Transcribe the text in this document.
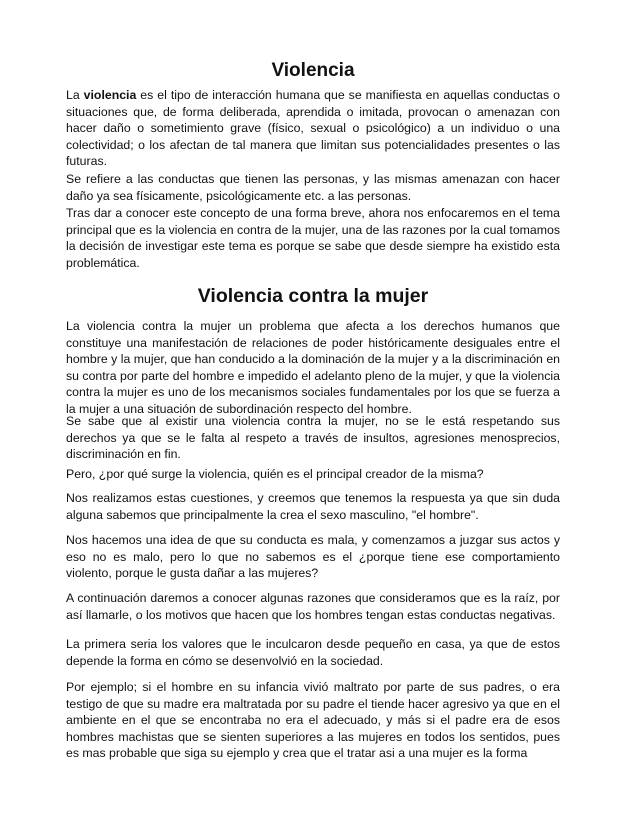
Violencia

La violencia es el tipo de interacción humana que se manifiesta en aquellas conductas o situaciones que, de forma deliberada, aprendida o imitada, provocan o amenazan con hacer daño o sometimiento grave (físico, sexual o psicológico) a un individuo o una colectividad; o los afectan de tal manera que limitan sus potencialidades presentes o las futuras.

Se refiere a las conductas que tienen las personas, y las mismas amenazan con hacer daño ya sea físicamente, psicológicamente etc. a las personas.

Tras dar a conocer este concepto de una forma breve, ahora nos enfocaremos en el tema principal que es la violencia en contra de la mujer, una de las razones por la cual tomamos la decisión de investigar este tema es porque se sabe que desde siempre ha existido esta problemática.

Violencia contra la mujer

La violencia contra la mujer un problema que afecta a los derechos humanos que constituye una manifestación de relaciones de poder históricamente desiguales entre el hombre y la mujer, que han conducido a la dominación de la mujer y a la discriminación en su contra por parte del hombre e impedido el adelanto pleno de la mujer, y que la violencia contra la mujer es uno de los mecanismos sociales fundamentales por los que se fuerza a la mujer a una situación de subordinación respecto del hombre.

Se sabe que al existir una violencia contra la mujer, no se le está respetando sus derechos ya que se le falta al respeto a través de insultos, agresiones menosprecios, discriminación en fin.

Pero, ¿por qué surge la violencia, quién es el principal creador de la misma?

Nos realizamos estas cuestiones, y creemos que tenemos la respuesta ya que sin duda alguna sabemos que principalmente la crea el sexo masculino, "el hombre".

Nos hacemos una idea de que su conducta es mala, y comenzamos a juzgar sus actos y eso no es malo, pero lo que no sabemos es el ¿porque tiene ese comportamiento violento, porque le gusta dañar a las mujeres?

A continuación daremos a conocer algunas razones que consideramos que es la raíz, por así llamarle, o los motivos que hacen que los hombres tengan estas conductas negativas.

La primera seria los valores que le inculcaron desde pequeño en casa, ya que de estos depende la forma en cómo se desenvolvió en la sociedad.

Por ejemplo; si el hombre en su infancia vivió maltrato por parte de sus padres, o era testigo de que su madre era maltratada por su padre el tiende hacer agresivo ya que en el ambiente en el que se encontraba no era el adecuado, y más si el padre era de esos hombres machistas que se sienten superiores a las mujeres en todos los sentidos, pues es mas probable que siga su ejemplo y crea que el tratar asi a una mujer es la forma
